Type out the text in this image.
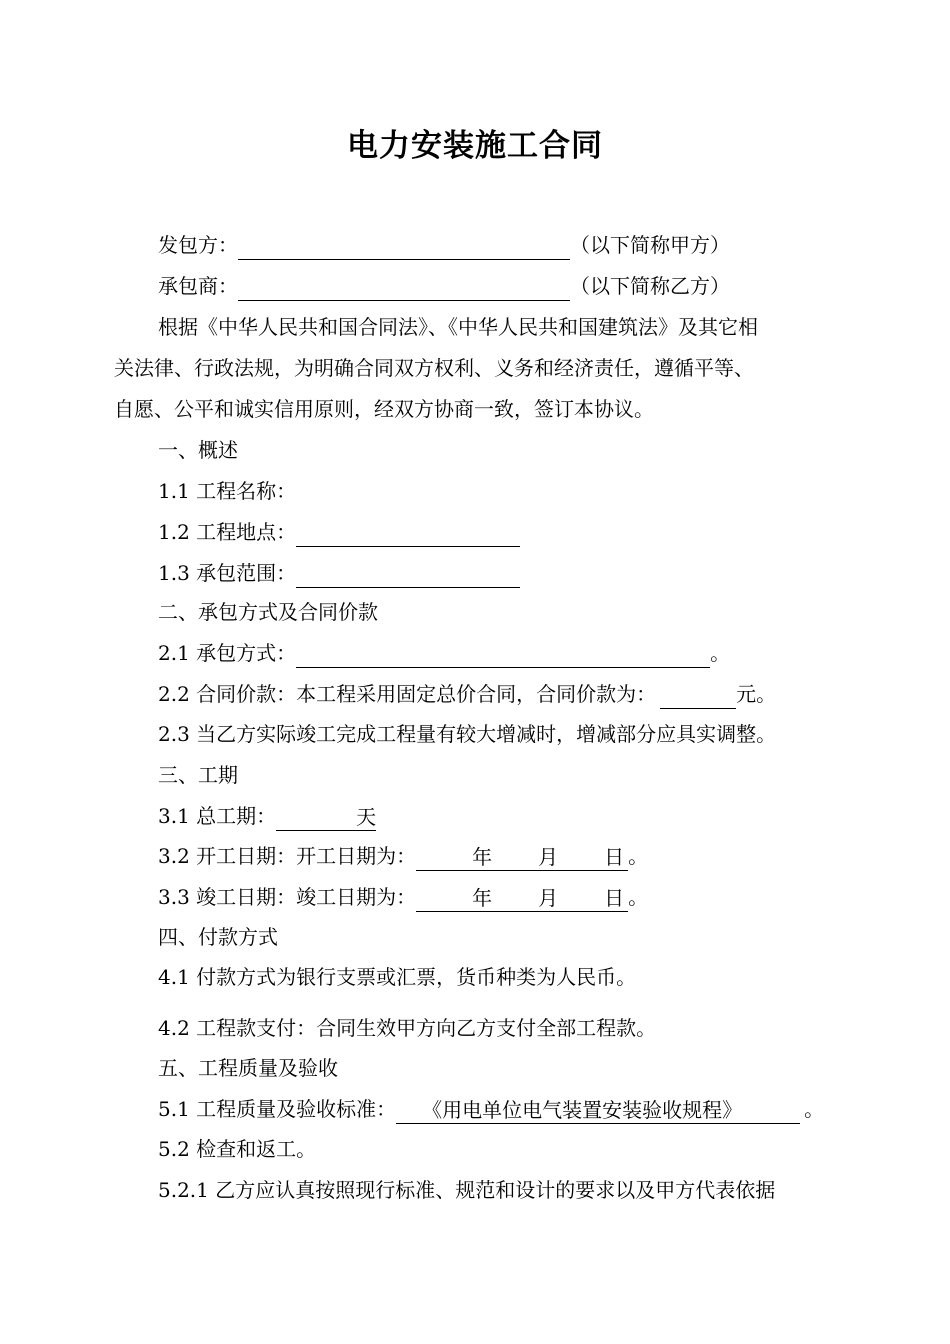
电力安装施工合同
发包方：	（以下简称甲方）
承包商：	（以下简称乙方）
根据《中华人民共和国合同法》、《中华人民共和国建筑法》及其它相
关法律、行政法规，为明确合同双方权利、义务和经济责任，遵循平等、
自愿、公平和诚实信用原则，经双方协商一致，签订本协议。
一、概述
1.1 工程名称：
1.2 工程地点：
1.3 承包范围：
二、承包方式及合同价款
2.1 承包方式：	。
2.2 合同价款：本工程采用固定总价合同，合同价款为：	元。
2.3 当乙方实际竣工完成工程量有较大增减时，增减部分应具实调整。
三、工期
3.1 总工期：	天
3.2 开工日期：开工日期为：	年 月 日 。
3.3 竣工日期：竣工日期为：	年 月 日 。
四、付款方式
4.1 付款方式为银行支票或汇票，货币种类为人民币。
4.2 工程款支付：合同生效甲方向乙方支付全部工程款。
五、工程质量及验收
5.1 工程质量及验收标准： 《用电单位电气装置安装验收规程》	。
5.2 检查和返工。
5.2.1 乙方应认真按照现行标准、规范和设计的要求以及甲方代表依据
